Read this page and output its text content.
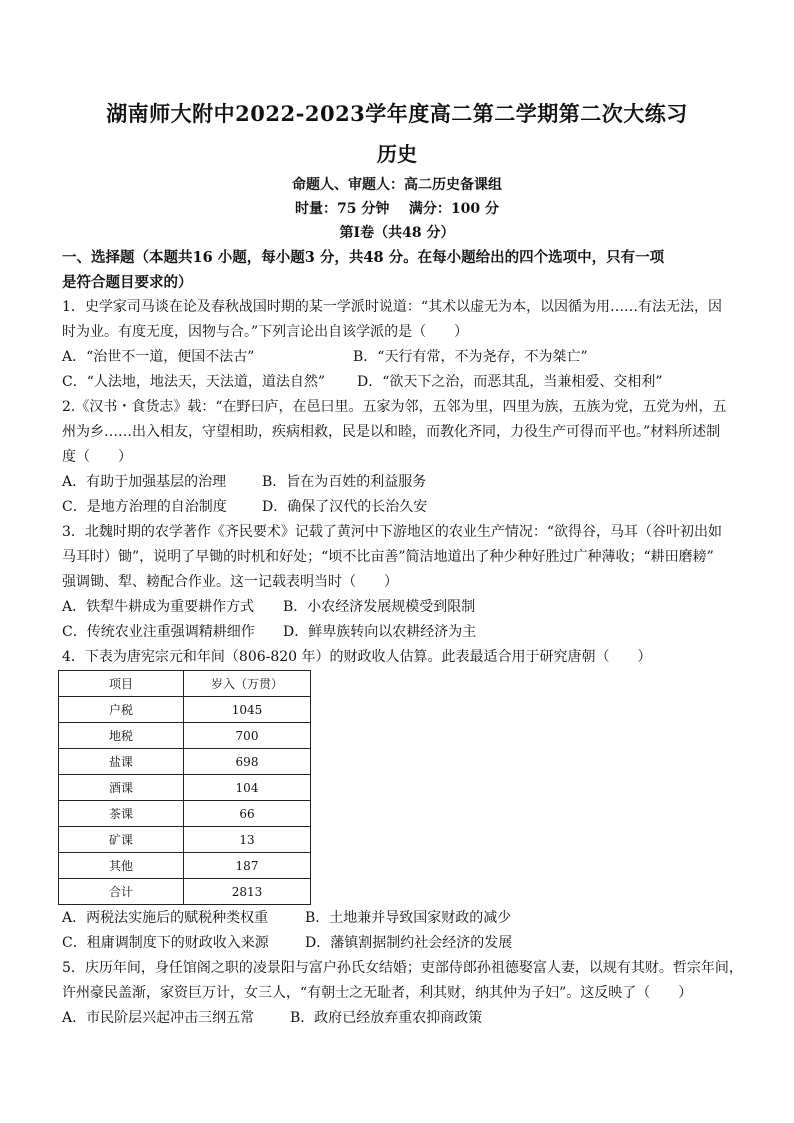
湖南师大附中2022-2023学年度高二第二学期第二次大练习
历史
命题人、审题人：高二历史备课组
时量：75 分钟    满分：100 分
第I卷（共48 分）
一、选择题（本题共16 小题，每小题3 分，共48 分。在每小题给出的四个选项中，只有一项
是符合题目要求的）
1．史学家司马谈在论及春秋战国时期的某一学派时说道：“其术以虚无为本，以因循为用……有法无法，因
时为业。有度无度，因物与合。”下列言论出自该学派的是（　　）
A．“治世不一道，便国不法古”	B．“天行有常，不为尧存，不为桀亡”
C．“人法地，地法天，天法道，道法自然” D．“欲天下之治，而恶其乱，当兼相爱、交相利”
2.《汉书・食货志》载：“在野曰庐，在邑曰里。五家为邻，五邻为里，四里为族，五族为党，五党为州，五
州为乡……出入相友，守望相助，疾病相救，民是以和睦，而教化齐同，力役生产可得而平也。”材料所述制
度（　　）
A．有助于加强基层的治理	B．旨在为百姓的利益服务
C．是地方治理的自治制度	D．确保了汉代的长治久安
3．北魏时期的农学著作《齐民要术》记载了黄河中下游地区的农业生产情况：“欲得谷，马耳（谷叶初出如
马耳时）锄”，说明了早锄的时机和好处；“顷不比亩善”简洁地道出了种少种好胜过广种薄收；“耕田磨耪”
强调锄、犁、耪配合作业。这一记载表明当时（　　）
A．铁犁牛耕成为重要耕作方式 B．小农经济发展规模受到限制
C．传统农业注重强调精耕细作 D．鲜卑族转向以农耕经济为主
4．下表为唐宪宗元和年间（806-820 年）的财政收人估算。此表最适合用于研究唐朝（　　）
项目	岁入（万贯）
户税	1045
地税	700
盐课	698
酒课	104
茶课	66
矿课	13
其他	187
合计	2813
A．两税法实施后的赋税种类权重	B．土地兼并导致国家财政的减少
C．租庸调制度下的财政收入来源	D．藩镇割据制约社会经济的发展
5．庆历年间，身任馆阁之职的凌景阳与富户孙氏女结婚；吏部侍郎孙祖德娶富人妻，以规有其财。哲宗年间，
许州豪民盖渐，家资巨万计，女三人，“有朝士之无耻者，利其财，纳其仲为子妇”。这反映了（　　）
A．市民阶层兴起冲击三纲五常	B．政府已经放弃重农抑商政策
